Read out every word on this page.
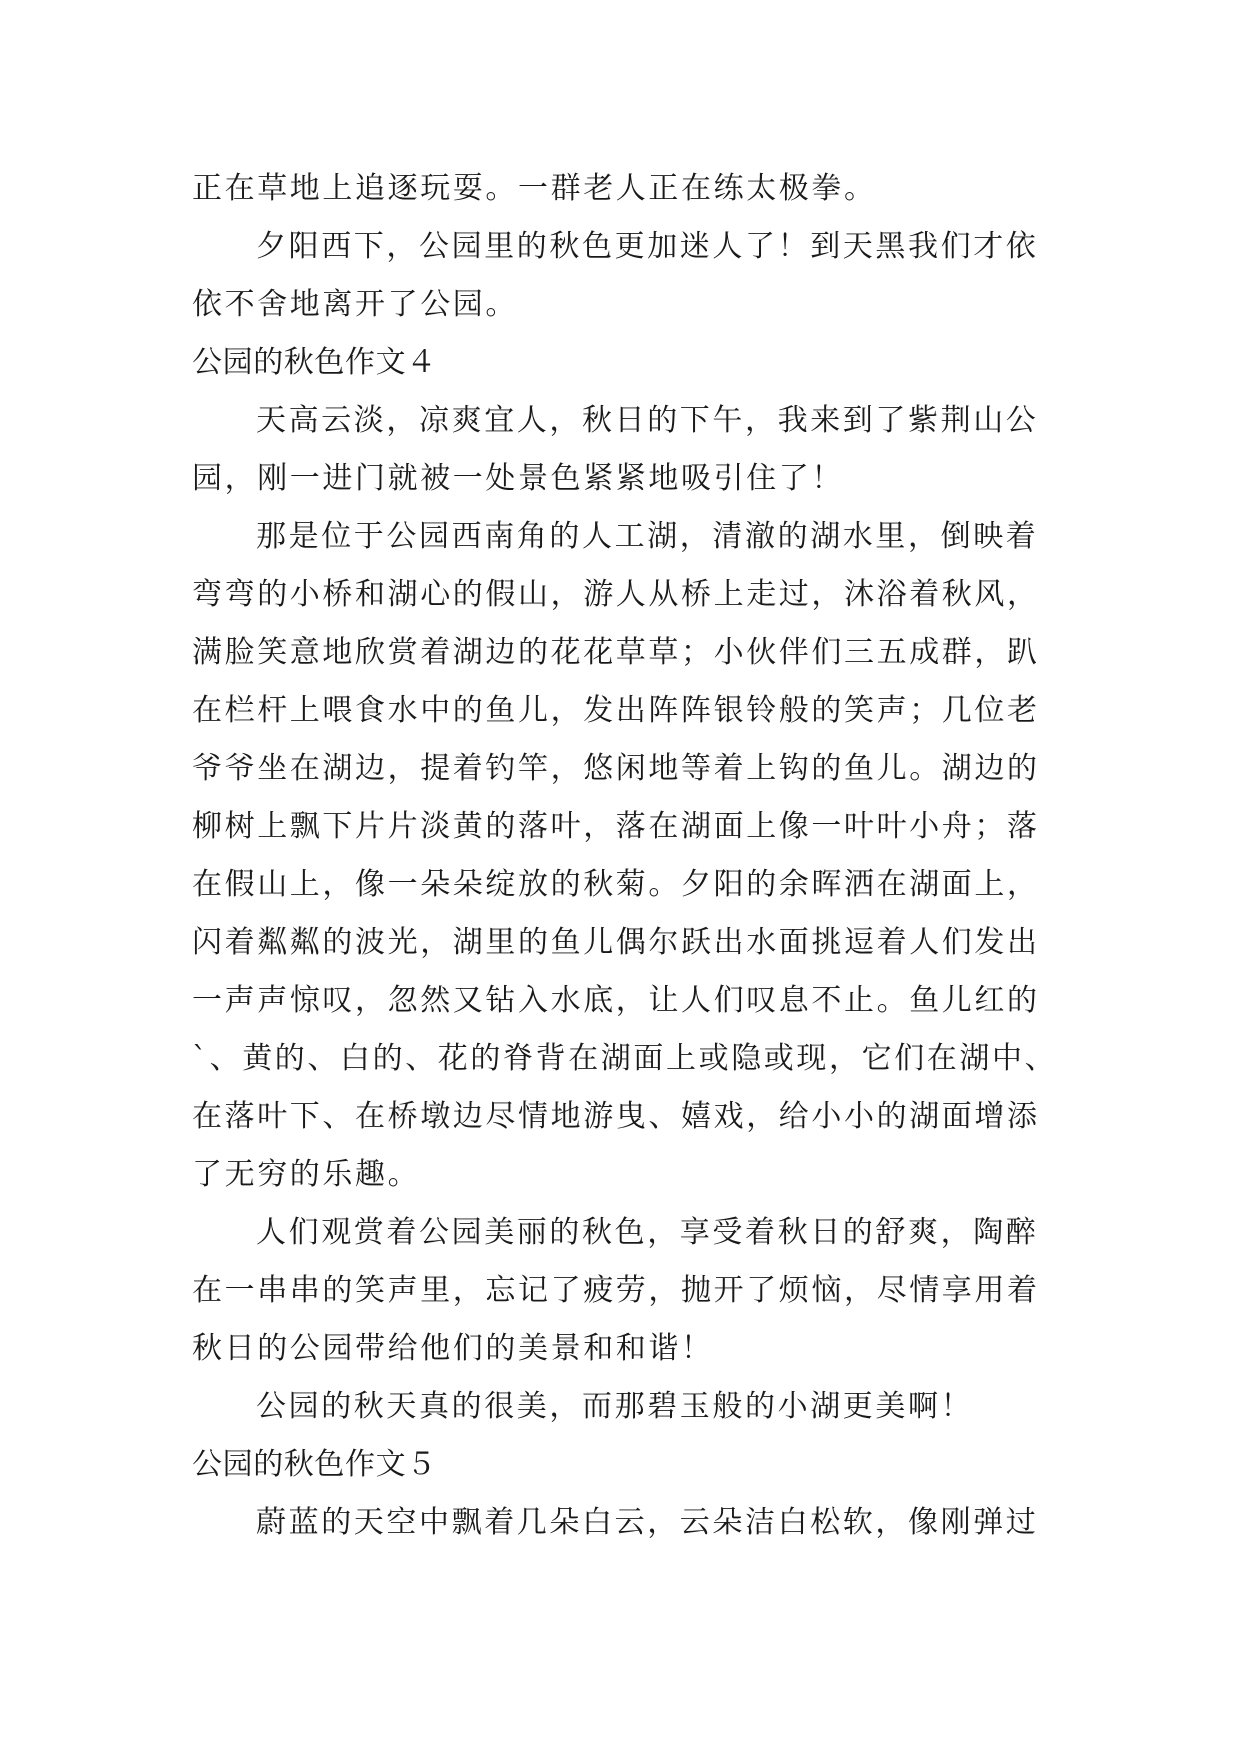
正在草地上追逐玩耍。一群老人正在练太极拳。
夕阳西下，公园里的秋色更加迷人了！到天黑我们才依
依不舍地离开了公园。
公园的秋色作文４
天高云淡，凉爽宜人，秋日的下午，我来到了紫荆山公
园，刚一进门就被一处景色紧紧地吸引住了！
那是位于公园西南角的人工湖，清澈的湖水里，倒映着
弯弯的小桥和湖心的假山，游人从桥上走过，沐浴着秋风，
满脸笑意地欣赏着湖边的花花草草；小伙伴们三五成群，趴
在栏杆上喂食水中的鱼儿，发出阵阵银铃般的笑声；几位老
爷爷坐在湖边，提着钓竿，悠闲地等着上钩的鱼儿。湖边的
柳树上飘下片片淡黄的落叶，落在湖面上像一叶叶小舟；落
在假山上，像一朵朵绽放的秋菊。夕阳的余晖洒在湖面上，
闪着粼粼的波光，湖里的鱼儿偶尔跃出水面挑逗着人们发出
一声声惊叹，忽然又钻入水底，让人们叹息不止。鱼儿红的
`、黄的、白的、花的脊背在湖面上或隐或现，它们在湖中、
在落叶下、在桥墩边尽情地游曳、嬉戏，给小小的湖面增添
了无穷的乐趣。
人们观赏着公园美丽的秋色，享受着秋日的舒爽，陶醉
在一串串的笑声里，忘记了疲劳，抛开了烦恼，尽情享用着
秋日的公园带给他们的美景和和谐！
公园的秋天真的很美，而那碧玉般的小湖更美啊！
公园的秋色作文５
蔚蓝的天空中飘着几朵白云，云朵洁白松软，像刚弹过
